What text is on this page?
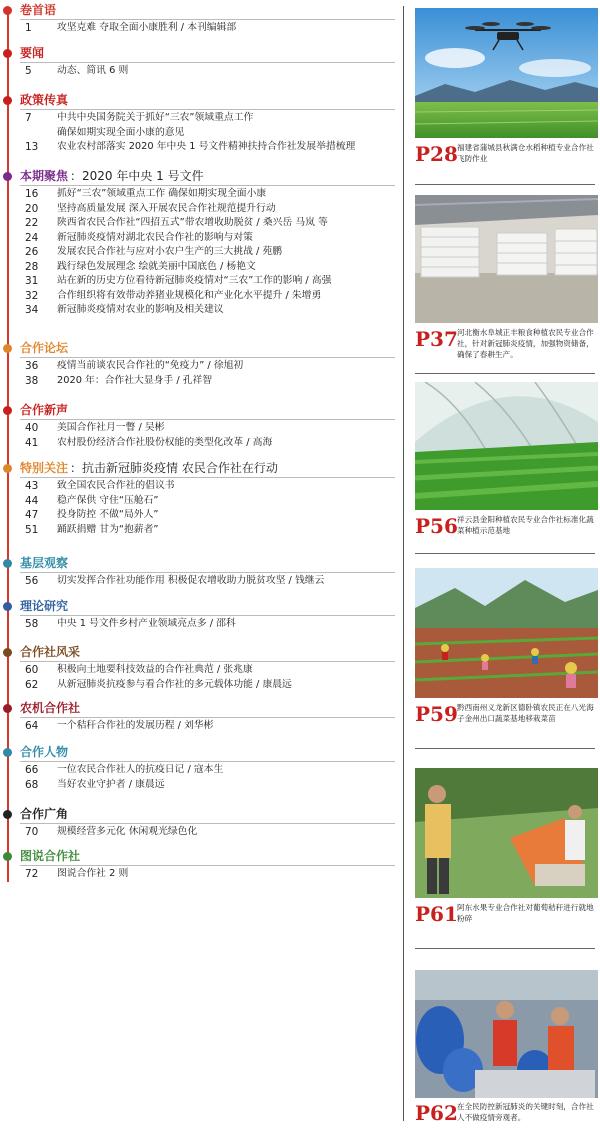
卷首语
1	攻坚克难 夺取全面小康胜利 / 本刊编辑部
要闻
5	动态、简讯 6 则
政策传真
7	中共中央国务院关于抓好“三农”领域重点工作
确保如期实现全面小康的意见
13	农业农村部落实 2020 年中央 1 号文件精神扶持合作社发展举措梳理
本期聚焦 ：2020 年中央 1 号文件
16	抓好“三农”领域重点工作 确保如期实现全面小康
20	坚持高质量发展 深入开展农民合作社规范提升行动
22	陕西省农民合作社“四招五式”带农增收助脱贫 / 桑兴岳 马岚 等
24	新冠肺炎疫情对湖北农民合作社的影响与对策
26	发展农民合作社与应对小农户生产的三大挑战 / 苑鹏
28	践行绿色发展理念 绘就美丽中国底色 / 杨艳文
31	站在新的历史方位看待新冠肺炎疫情对“三农”工作的影响 / 高强
32	合作组织将有效带动养猪业规模化和产业化水平提升 / 朱增勇
34	新冠肺炎疫情对农业的影响及相关建议
合作论坛
36	疫情当前谈农民合作社的“免疫力” / 徐旭初
38	2020 年：合作社大显身手 / 孔祥智
合作新声
40	美国合作社月一瞥 / 吴彬
41	农村股份经济合作社股份权能的类型化改革 / 高海
特别关注 ：抗击新冠肺炎疫情 农民合作社在行动
43	致全国农民合作社的倡议书
44	稳产保供 守住“压舱石”
47	投身防控 不做“局外人”
51	踊跃捐赠 甘为“抱薪者”
基层观察
56	切实发挥合作社功能作用 积极促农增收助力脱贫攻坚 / 钱继云
理论研究
58	中央 1 号文件乡村产业领域亮点多 / 邵科
合作社风采
60	积极向土地要科技效益的合作社典范 / 张兆康
62	从新冠肺炎抗疫参与看合作社的多元载体功能 / 康晨远
农机合作社
64	一个秸秆合作社的发展历程 / 刘华彬
合作人物
66	一位农民合作社人的抗疫日记 / 寇本生
68	当好农业守护者 / 康晨远
合作广角
70	规模经营多元化 休闲观光绿色化
图说合作社
72	图说合作社 2 则
P28 福建省蒲城县秋满仓水稻种植专业合作社飞防作业
P37 河北衡水阜城正丰粮食种植农民专业合作社，针对新冠肺炎疫情，加强物资储备，确保了春耕生产。
P56 祥云县金阳种植农民专业合作社标准化蔬菜种植示范基地
P59 黔西南州义龙新区德卧镇农民正在八光海子金州出口蔬菜基地移栽菜苗
P61 阿东水果专业合作社对葡萄秸秆进行就地粉碎
P62 在全民防控新冠肺炎的关键时刻，合作社人不做疫情旁观者。
